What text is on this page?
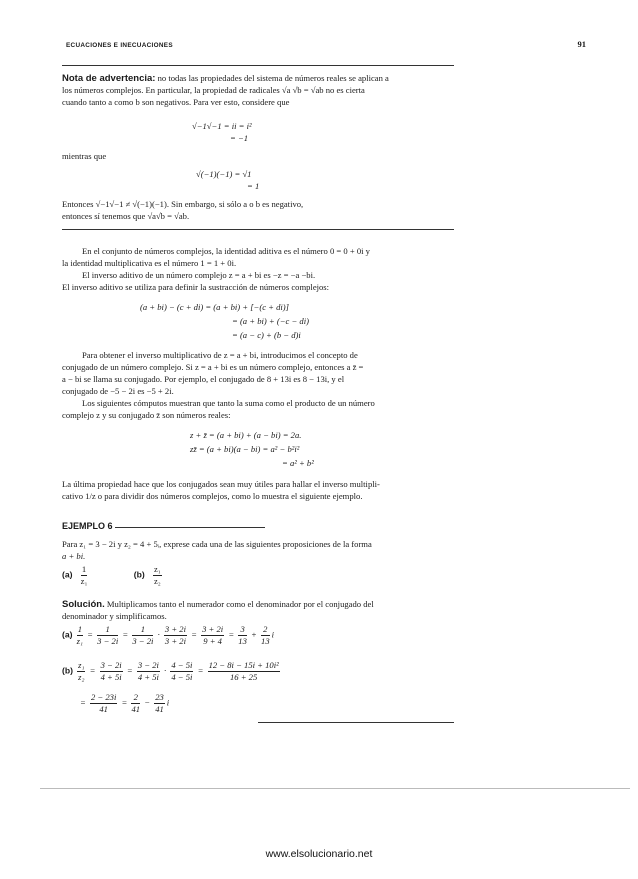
ECUACIONES E INECUACIONES	91
Nota de advertencia: no todas las propiedades del sistema de números reales se aplican a
los números complejos. En particular, la propiedad de radicales √a √b = √ab no es cierta
cuando tanto a como b son negativos. Para ver esto, considere que
√−1√−1 = ii = i²
= −1
mientras que
√(−1)(−1) = √1
= 1
Entonces √−1√−1 ≠ √(−1)(−1). Sin embargo, si sólo a o b es negativo,
entonces sí tenemos que √a√b = √ab.
En el conjunto de números complejos, la identidad aditiva es el número 0 = 0 + 0i y
la identidad multiplicativa es el número 1 = 1 + 0i.
El inverso aditivo de un número complejo z = a + bi es −z = −a −bi.
El inverso aditivo se utiliza para definir la sustracción de números complejos:
(a + bi) − (c + di) = (a + bi) + [−(c + di)]
= (a + bi) + (−c − di)
= (a − c) + (b − d)i
Para obtener el inverso multiplicativo de z = a + bi, introducimos el concepto de
conjugado de un número complejo. Si z = a + bi es un número complejo, entonces a z̄ =
a − bi se llama su conjugado. Por ejemplo, el conjugado de 8 + 13i es 8 − 13i, y el
conjugado de −5 − 2i es −5 + 2i.
Los siguientes cómputos muestran que tanto la suma como el producto de un número
complejo z y su conjugado z̄ son números reales:
z + z̄ = (a + bi) + (a − bi) = 2a.
zz̄ = (a + bi)(a − bi) = a² − b²i²
= a² + b²
La última propiedad hace que los conjugados sean muy útiles para hallar el inverso multipli-
cativo 1/z o para dividir dos números complejos, como lo muestra el siguiente ejemplo.
EJEMPLO 6
Para z₁ = 3 − 2i y z₂ = 4 + 5ᵢ, exprese cada una de las siguientes proposiciones de la forma
a + bi.
$(a) \frac{1}{\text{z₁}}$	$(b) \frac{\text{z₁}}{\text{z₂}}$
Solución. Multiplicamos tanto el numerador como el denominador por el conjugado del
denominador y simplificamos.
$(a) \frac{1}{\text{z₁}} = \frac{1}{3 - 2i} = \frac{1}{3 - 2i} \cdot \frac{3 + 2i}{3 + 2i} = \frac{3 + 2i}{9 + 4} = \frac{3}{13} + \frac{2}{13}$ i
$(b) \frac{\text{z₁}}{\text{z₂}} = \frac{3 - 2i}{4 + 5i} = \frac{3 - 2i}{4 + 5i} \cdot \frac{4 - 5i}{4 - 5i} = \frac{\text{12 − 8i − 15i + 10i²}}{16 + 25}$
= $\frac{2 - 23i}{41} = \frac{2}{41} - \frac{23}{41}$ i
www.elsolucionario.net
